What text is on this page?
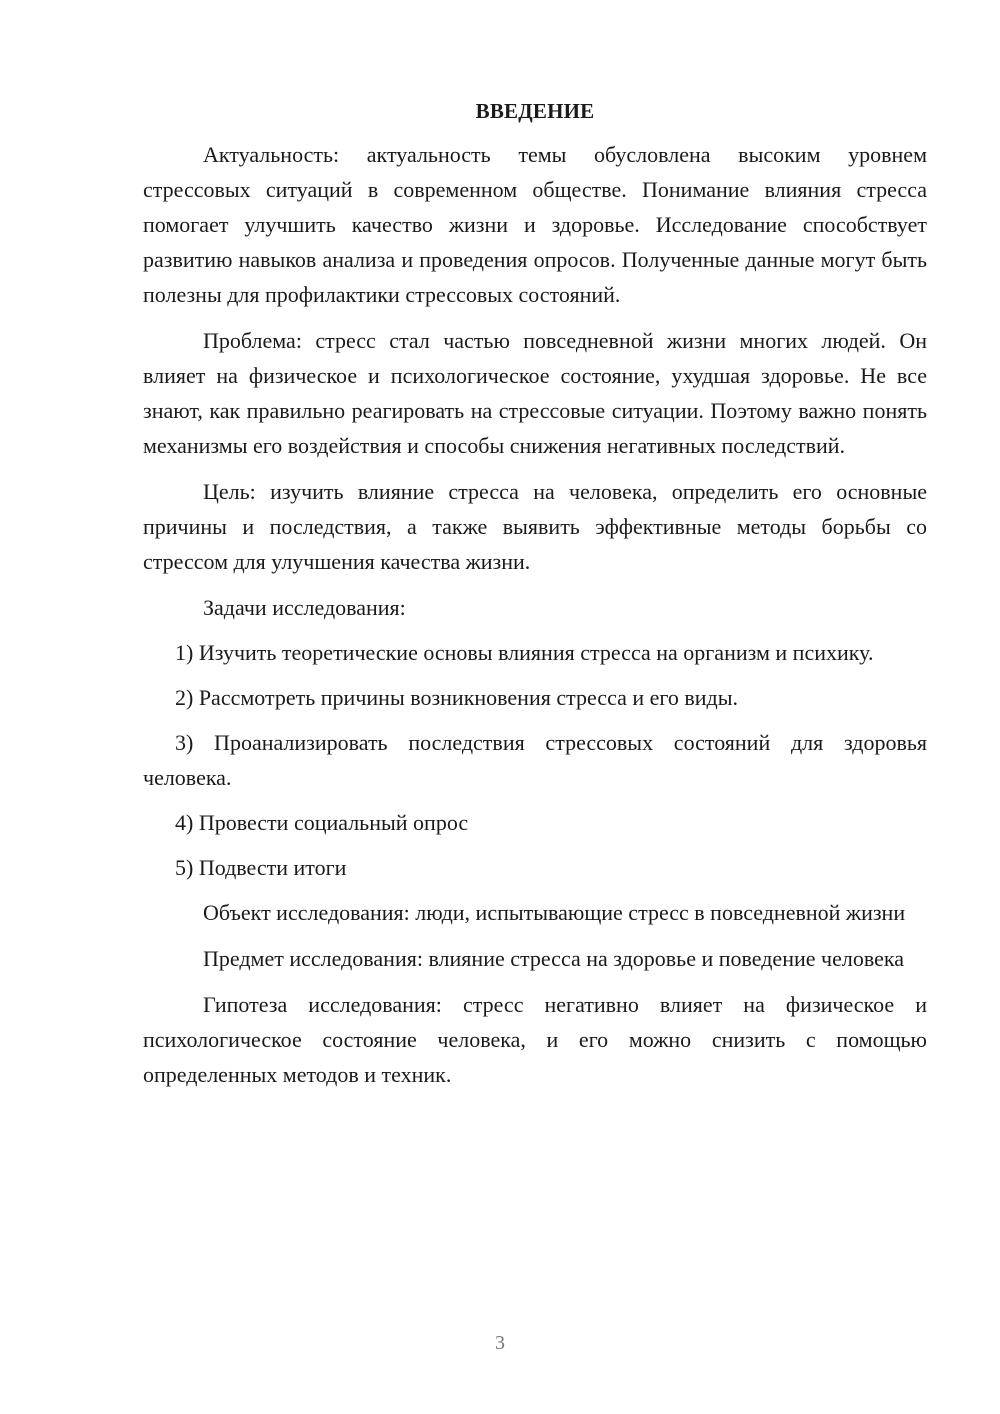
ВВЕДЕНИЕ

Актуальность: актуальность темы обусловлена высоким уровнем стрессовых ситуаций в современном обществе. Понимание влияния стресса помогает улучшить качество жизни и здоровье. Исследование способствует развитию навыков анализа и проведения опросов. Полученные данные могут быть полезны для профилактики стрессовых состояний.

Проблема: стресс стал частью повседневной жизни многих людей. Он влияет на физическое и психологическое состояние, ухудшая здоровье. Не все знают, как правильно реагировать на стрессовые ситуации. Поэтому важно понять механизмы его воздействия и способы снижения негативных последствий.

Цель: изучить влияние стресса на человека, определить его основные причины и последствия, а также выявить эффективные методы борьбы со стрессом для улучшения качества жизни.

Задачи исследования:

1) Изучить теоретические основы влияния стресса на организм и психику.

2) Рассмотреть причины возникновения стресса и его виды.

3) Проанализировать последствия стрессовых состояний для здоровья человека.

4) Провести социальный опрос

5) Подвести итоги

Объект исследования: люди, испытывающие стресс в повседневной жизни

Предмет исследования: влияние стресса на здоровье и поведение человека

Гипотеза исследования: стресс негативно влияет на физическое и психологическое состояние человека, и его можно снизить с помощью определенных методов и техник.

3
